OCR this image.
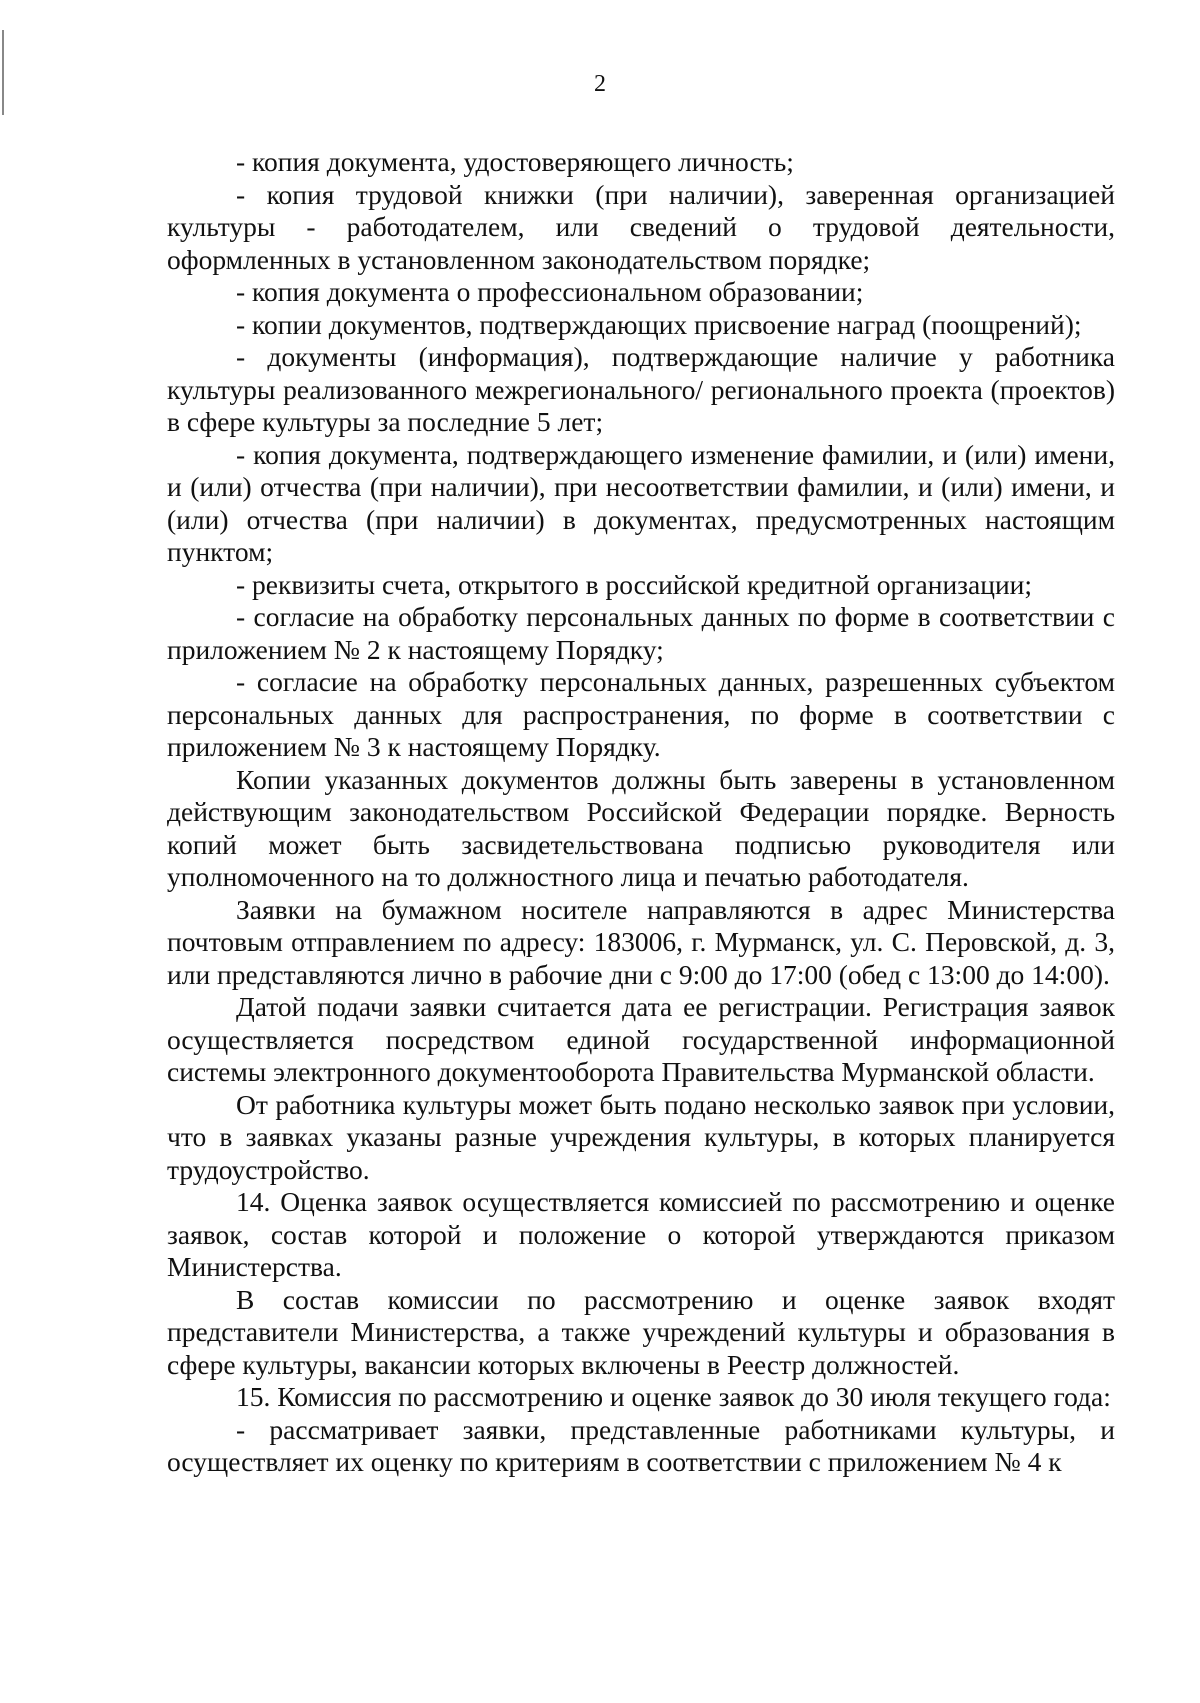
2

- копия документа, удостоверяющего личность;

- копия трудовой книжки (при наличии), заверенная организацией культуры - работодателем, или сведений о трудовой деятельности, оформленных в установленном законодательством порядке;

- копия документа о профессиональном образовании;

- копии документов, подтверждающих присвоение наград (поощрений);

- документы (информация), подтверждающие наличие у работника культуры реализованного межрегионального/ регионального проекта (проектов) в сфере культуры за последние 5 лет;

- копия документа, подтверждающего изменение фамилии, и (или) имени, и (или) отчества (при наличии), при несоответствии фамилии, и (или) имени, и (или) отчества (при наличии) в документах, предусмотренных настоящим пунктом;

- реквизиты счета, открытого в российской кредитной организации;

- согласие на обработку персональных данных по форме в соответствии с приложением № 2 к настоящему Порядку;

- согласие на обработку персональных данных, разрешенных субъектом персональных данных для распространения, по форме в соответствии с приложением № 3 к настоящему Порядку.

Копии указанных документов должны быть заверены в установленном действующим законодательством Российской Федерации порядке. Верность копий может быть засвидетельствована подписью руководителя или уполномоченного на то должностного лица и печатью работодателя.

Заявки на бумажном носителе направляются в адрес Министерства почтовым отправлением по адресу: 183006, г. Мурманск, ул. С. Перовской, д. 3, или представляются лично в рабочие дни с 9:00 до 17:00 (обед с 13:00 до 14:00).

Датой подачи заявки считается дата ее регистрации. Регистрация заявок осуществляется посредством единой государственной информационной системы электронного документооборота Правительства Мурманской области.

От работника культуры может быть подано несколько заявок при условии, что в заявках указаны разные учреждения культуры, в которых планируется трудоустройство.

14. Оценка заявок осуществляется комиссией по рассмотрению и оценке заявок, состав которой и положение о которой утверждаются приказом Министерства.

В состав комиссии по рассмотрению и оценке заявок входят представители Министерства, а также учреждений культуры и образования в сфере культуры, вакансии которых включены в Реестр должностей.

15. Комиссия по рассмотрению и оценке заявок до 30 июля текущего года:

- рассматривает заявки, представленные работниками культуры, и осуществляет их оценку по критериям в соответствии с приложением № 4 к
